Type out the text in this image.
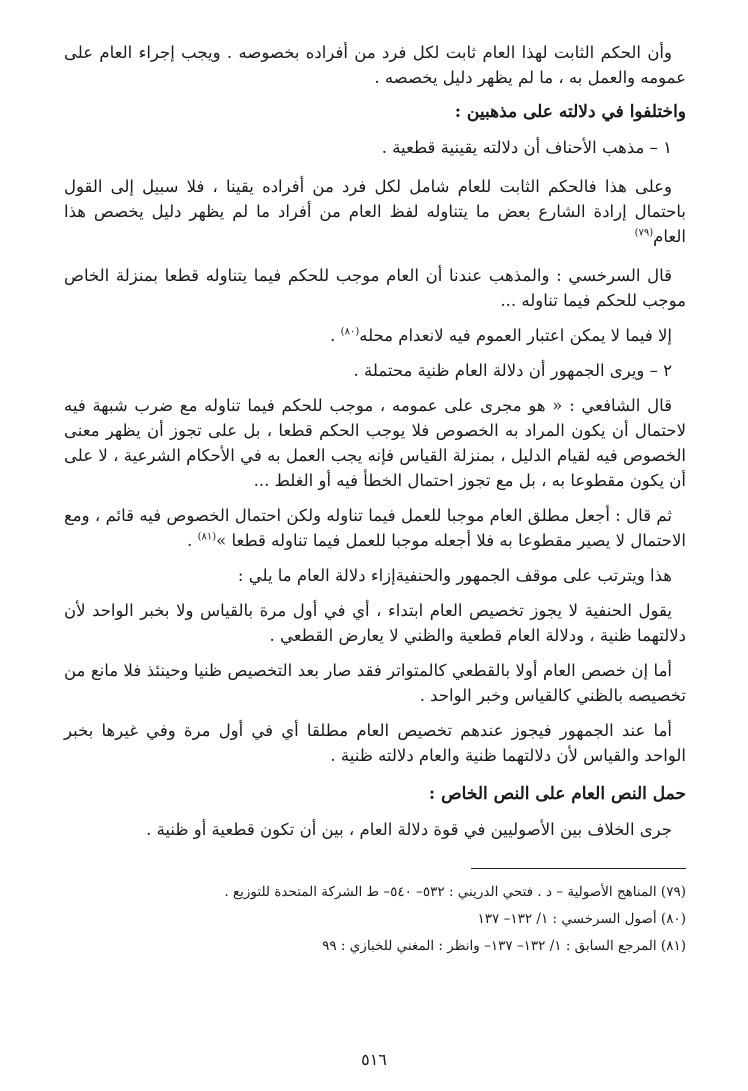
وأن الحكم الثابت لهذا العام ثابت لكل فرد من أفراده بخصوصه . ويجب إجراء العام على عمومه والعمل به ، ما لم يظهر دليل يخصصه .

واختلفوا في دلالته على مذهبين :

١ – مذهب الأحناف أن دلالته يقينية قطعية .

وعلى هذا فالحكم الثابت للعام شامل لكل فرد من أفراده يقينا ، فلا سبيل إلى القول باحتمال إرادة الشارع بعض ما يتناوله لفظ العام من أفراد ما لم يظهر دليل يخصص هذا العام$^{(٧٩)}$

قال السرخسي : والمذهب عندنا أن العام موجب للحكم فيما يتناوله قطعا بمنزلة الخاص موجب للحكم فيما تناوله ...

إلا فيما لا يمكن اعتبار العموم فيه لانعدام محله$^{(٨٠)}$ .

٢ – ويرى الجمهور أن دلالة العام ظنية محتملة .

قال الشافعي : « هو مجرى على عمومه ، موجب للحكم فيما تناوله مع ضرب شبهة فيه لاحتمال أن يكون المراد به الخصوص فلا يوجب الحكم قطعا ، بل على تجوز أن يظهر معنى الخصوص فيه لقيام الدليل ، بمنزلة القياس فإنه يجب العمل به في الأحكام الشرعية ، لا على أن يكون مقطوعا به ، بل مع تجوز احتمال الخطأ فيه أو الغلط ...

ثم قال : أجعل مطلق العام موجبا للعمل فيما تناوله ولكن احتمال الخصوص فيه قائم ، ومع الاحتمال لا يصير مقطوعا به فلا أجعله موجبا للعمل فيما تناوله قطعا »$^{(٨١)}$ .

هذا ويترتب على موقف الجمهور والحنفيةإزاء دلالة العام ما يلي :

يقول الحنفية لا يجوز تخصيص العام ابتداء ، أي في أول مرة بالقياس ولا بخبر الواحد لأن دلالتهما ظنية ، ودلالة العام قطعية والظني لا يعارض القطعي .

أما إن خصص العام أولا بالقطعي كالمتواتر فقد صار بعد التخصيص ظنيا وحينئذ فلا مانع من تخصيصه بالظني كالقياس وخبر الواحد .

أما عند الجمهور فيجوز عندهم تخصيص العام مطلقا أي في أول مرة وفي غيرها بخبر الواحد والقياس لأن دلالتهما ظنية والعام دلالته ظنية .

حمل النص العام على النص الخاص :

جرى الخلاف بين الأصوليين في قوة دلالة العام ، بين أن تكون قطعية أو ظنية .

(٧٩) المناهج الأصولية – د . فتحي الدريني : ٥٣٢– ٥٤٠– ط الشركة المتحدة للتوزيع .

(٨٠) أصول السرخسي : ١/ ١٣٢– ١٣٧

(٨١) المرجع السابق : ١/ ١٣٢– ١٣٧– وانظر : المغني للخبازي : ٩٩

٥١٦
